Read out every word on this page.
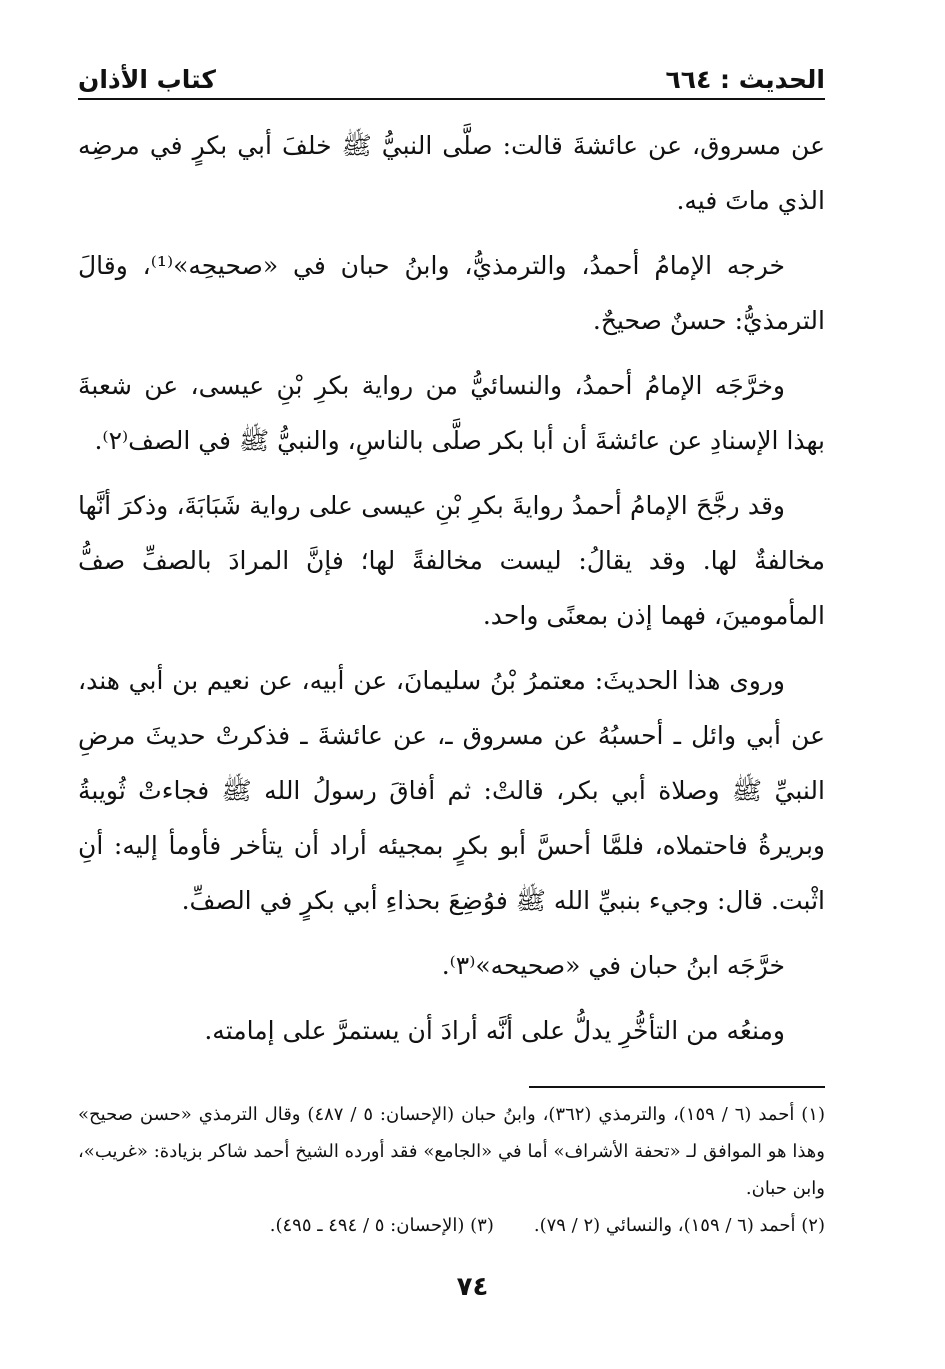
الحديث : ٦٦٤
كتاب الأذان

عن مسروق، عن عائشةَ قالت: صلَّى النبيُّ ﷺ خلفَ أبي بكرٍ في مرضِه الذي ماتَ فيه.

خرجه الإمامُ أحمدُ، والترمذيُّ، وابنُ حبان في «صحيحِه»⁽¹⁾، وقالَ الترمذيُّ: حسنٌ صحيحٌ.

وخرَّجَه الإمامُ أحمدُ، والنسائيُّ من رواية بكرِ بْنِ عيسى، عن شعبةَ بهذا الإسنادِ عن عائشةَ أن أبا بكر صلَّى بالناسِ، والنبيُّ ﷺ في الصف⁽٢⁾.

وقد رجَّحَ الإمامُ أحمدُ روايةَ بكرِ بْنِ عيسى على رواية شَبَابَةَ، وذكرَ أنَّها مخالفةٌ لها. وقد يقالُ: ليست مخالفةً لها؛ فإنَّ المرادَ بالصفِّ صفُّ المأمومينَ، فهما إذن بمعنًى واحد.

وروى هذا الحديثَ: معتمرُ بْنُ سليمانَ، عن أبيه، عن نعيم بن أبي هند، عن أبي وائل ـ أحسبُهُ عن مسروق ـ، عن عائشةَ ـ فذكرتْ حديثَ مرضِ النبيِّ ﷺ وصلاة أبي بكر، قالتْ: ثم أفاقَ رسولُ الله ﷺ فجاءتْ ثُويبةُ وبريرةُ فاحتملاه، فلمَّا أحسَّ أبو بكرٍ بمجيئه أراد أن يتأخر فأومأ إليه: أنِ اثْبت. قال: وجيء بنبيِّ الله ﷺ فوُضِعَ بحذاءِ أبي بكرٍ في الصفِّ.

خرَّجَه ابنُ حبان في «صحيحه»⁽٣⁾.

ومنعُه من التأخُّرِ يدلُّ على أنَّه أرادَ أن يستمرَّ على إمامته.

(١) أحمد (٦ / ١٥٩)، والترمذي (٣٦٢)، وابنُ حبان (الإحسان: ٥ / ٤٨٧) وقال الترمذي «حسن صحيح» وهذا هو الموافق لـ «تحفة الأشراف» أما في «الجامع» فقد أورده الشيخ أحمد شاكر بزيادة: «غريب»، وابن حبان.

(٢) أحمد (٦ / ١٥٩)، والنسائي (٢ / ٧٩).
(٣) (الإحسان: ٥ / ٤٩٤ ـ ٤٩٥).
٧٤
